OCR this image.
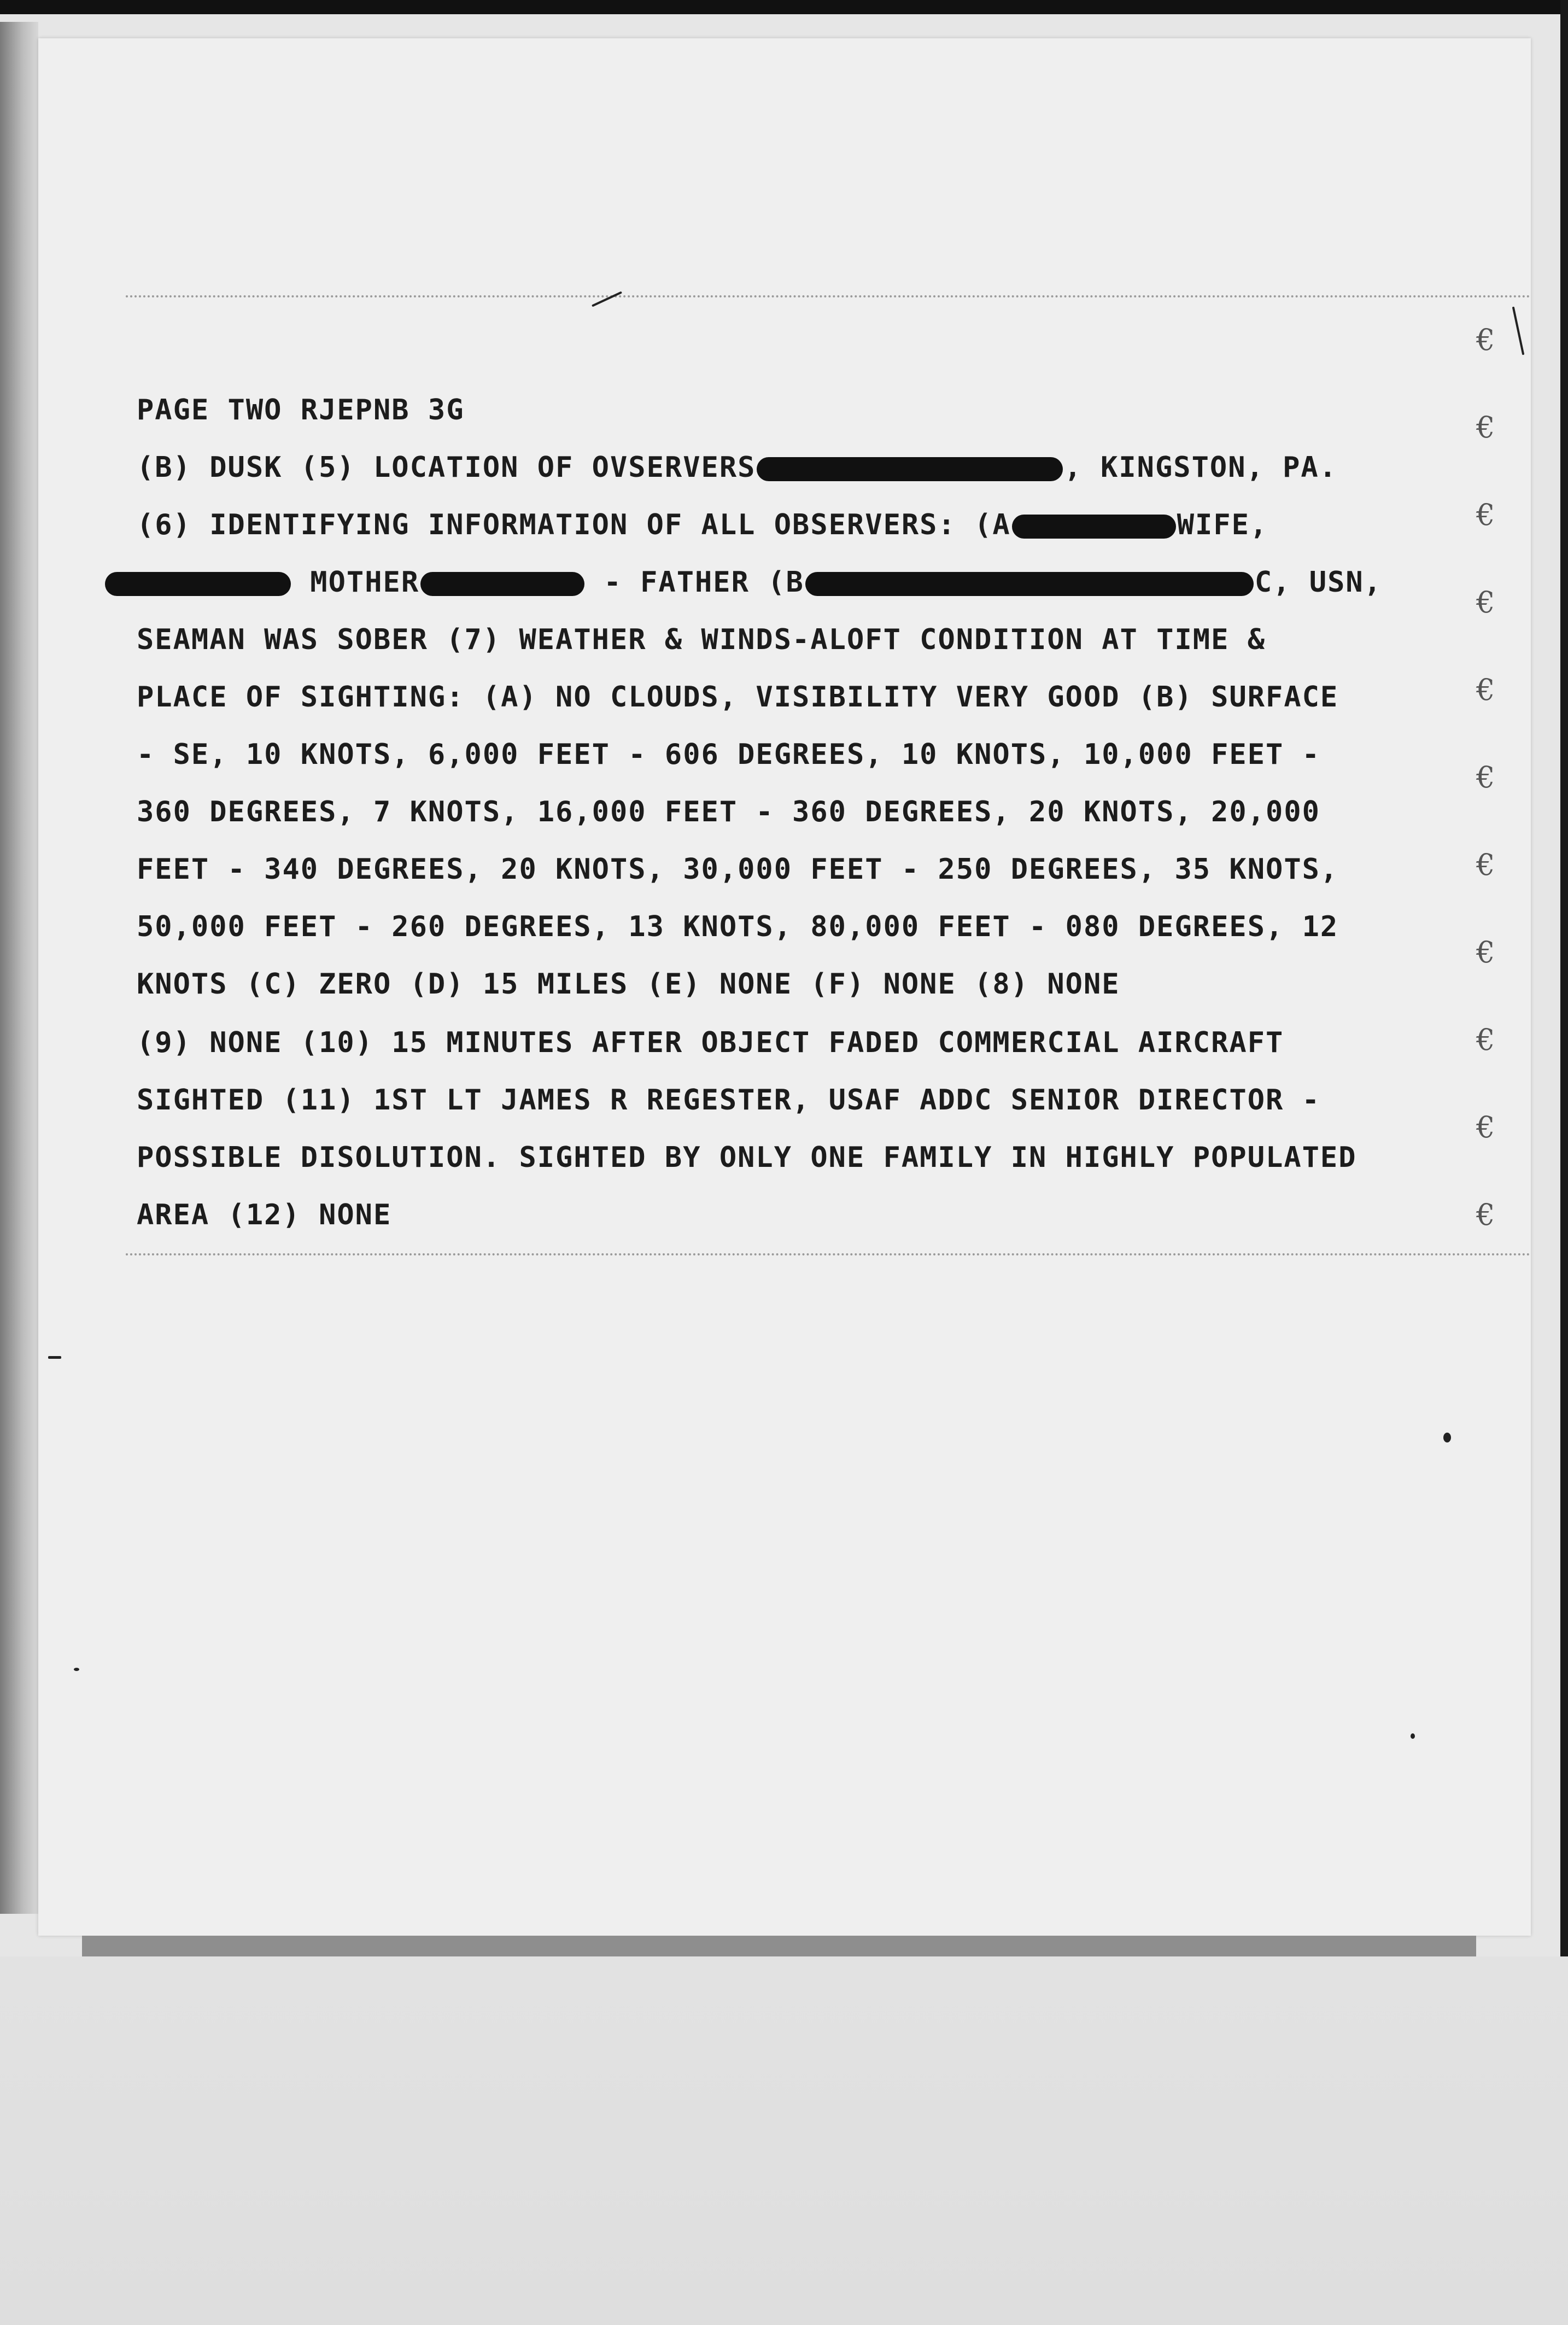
PAGE TWO RJEPNB 3G
(B) DUSK (5) LOCATION OF OVSERVERS	, KINGSTON, PA.
(6) IDENTIFYING INFORMATION OF ALL OBSERVERS: (A	WIFE,
MOTHER	- FATHER (B	C, USN,
SEAMAN WAS SOBER (7) WEATHER & WINDS-ALOFT CONDITION AT TIME &
PLACE OF SIGHTING: (A) NO CLOUDS, VISIBILITY VERY GOOD (B) SURFACE
- SE, 10 KNOTS, 6,000 FEET - 606 DEGREES, 10 KNOTS, 10,000 FEET -
360 DEGREES, 7 KNOTS, 16,000 FEET - 360 DEGREES, 20 KNOTS, 20,000
FEET - 340 DEGREES, 20 KNOTS, 30,000 FEET - 250 DEGREES, 35 KNOTS,
50,000 FEET - 260 DEGREES, 13 KNOTS, 80,000 FEET - 080 DEGREES, 12
KNOTS (C) ZERO (D) 15 MILES (E) NONE (F) NONE (8) NONE
(9) NONE (10) 15 MINUTES AFTER OBJECT FADED COMMERCIAL AIRCRAFT
SIGHTED (11) 1ST LT JAMES R REGESTER, USAF ADDC SENIOR DIRECTOR -
POSSIBLE DISOLUTION. SIGHTED BY ONLY ONE FAMILY IN HIGHLY POPULATED
AREA (12) NONE
€
€
€
€
€
€
€
€
€
€
€
